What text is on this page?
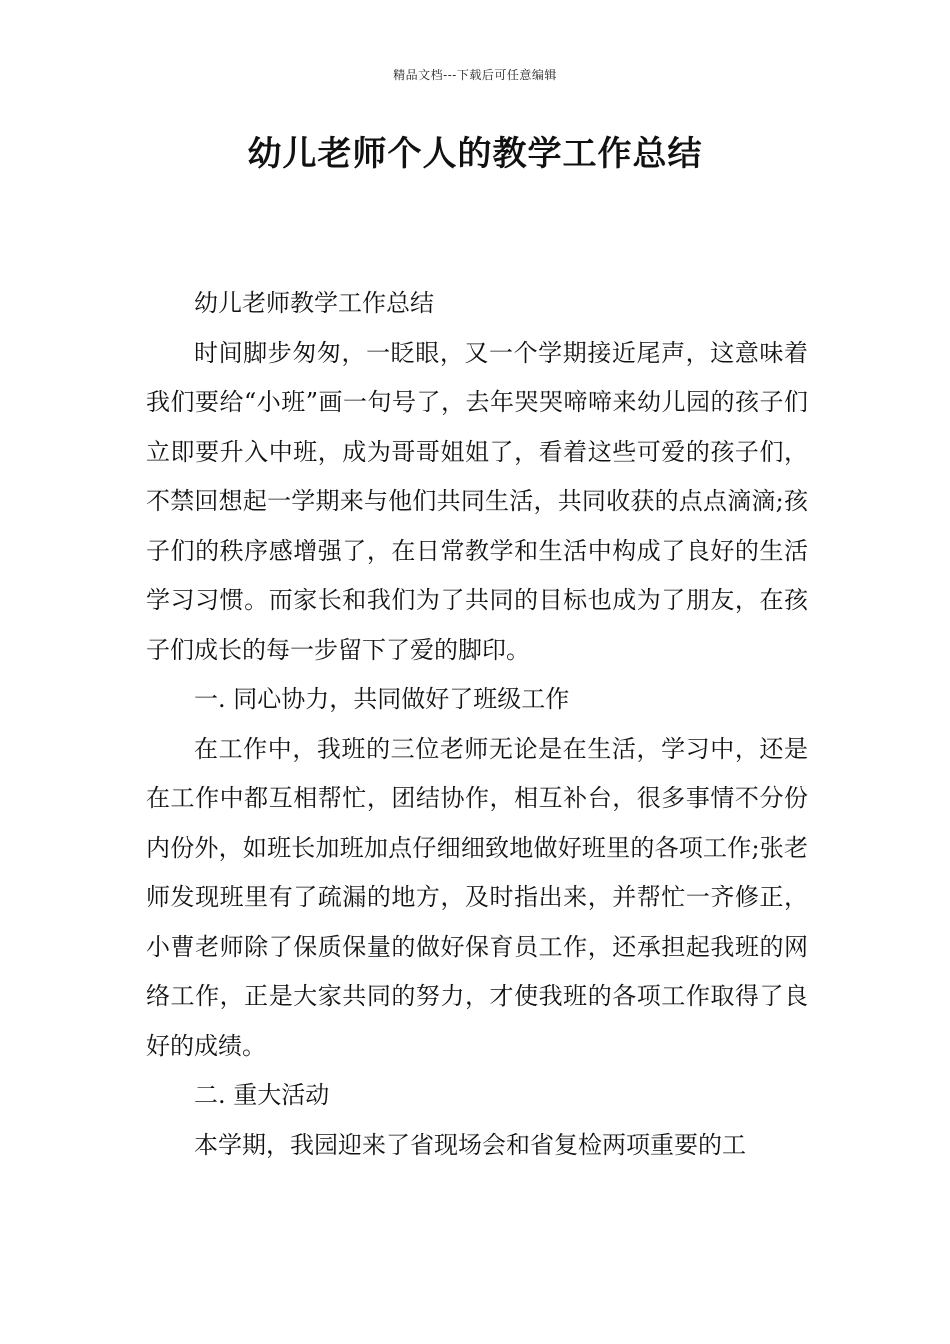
精品文档---下载后可任意编辑
幼儿老师个人的教学工作总结

幼儿老师教学工作总结

时间脚步匆匆，一眨眼，又一个学期接近尾声，这意味着我们要给“小班”画一句号了，去年哭哭啼啼来幼儿园的孩子们立即要升入中班，成为哥哥姐姐了，看着这些可爱的孩子们，不禁回想起一学期来与他们共同生活，共同收获的点点滴滴;孩子们的秩序感增强了，在日常教学和生活中构成了良好的生活学习习惯。而家长和我们为了共同的目标也成为了朋友，在孩子们成长的每一步留下了爱的脚印。

一. 同心协力，共同做好了班级工作

在工作中，我班的三位老师无论是在生活，学习中，还是在工作中都互相帮忙，团结协作，相互补台，很多事情不分份内份外，如班长加班加点仔细细致地做好班里的各项工作;张老师发现班里有了疏漏的地方，及时指出来，并帮忙一齐修正，小曹老师除了保质保量的做好保育员工作，还承担起我班的网络工作，正是大家共同的努力，才使我班的各项工作取得了良好的成绩。

二. 重大活动

本学期，我园迎来了省现场会和省复检两项重要的工
